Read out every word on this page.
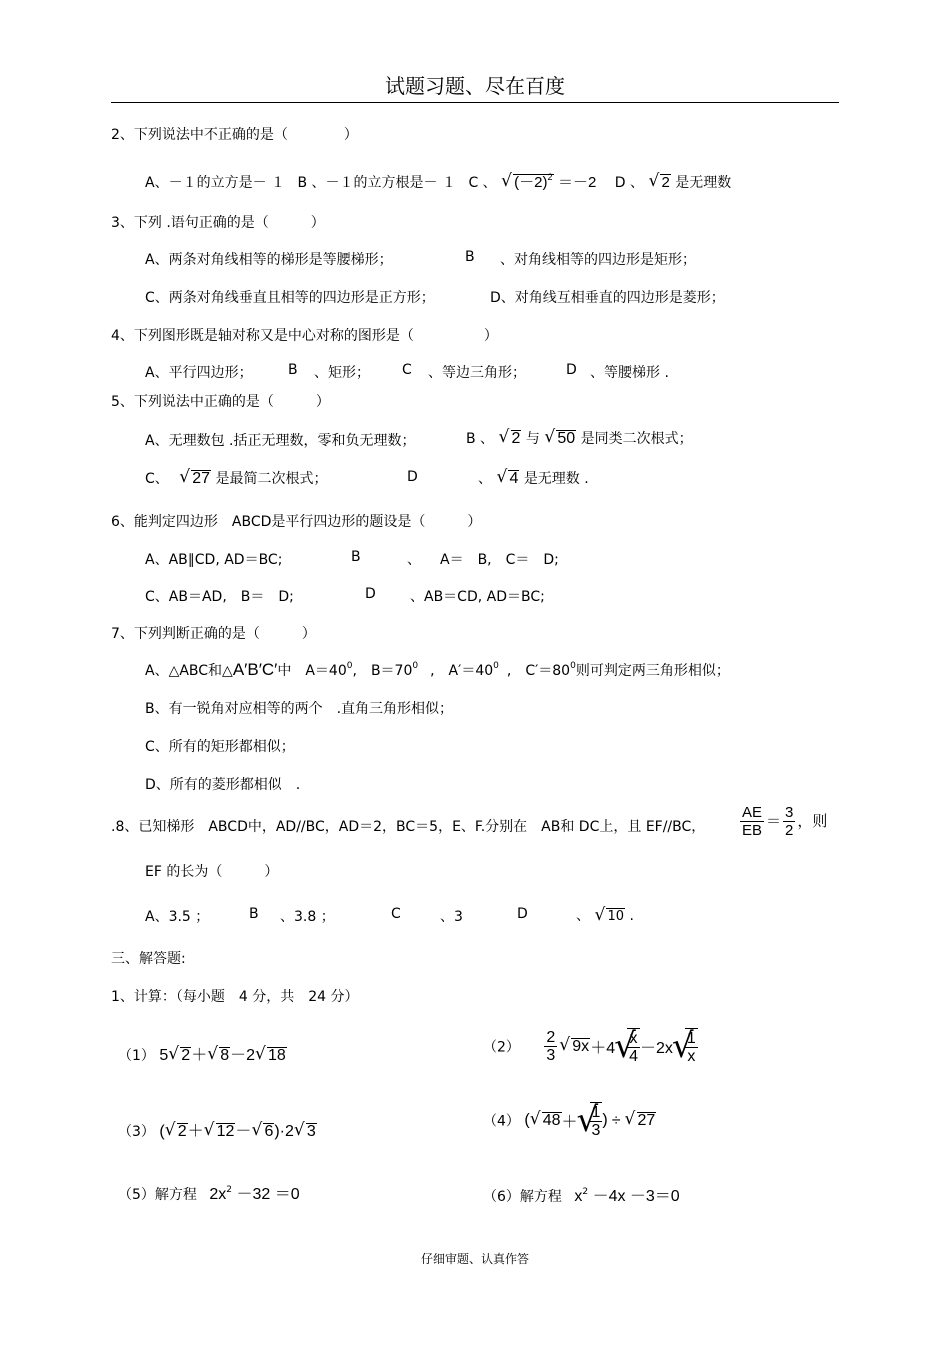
试题习题、尽在百度
2、下列说法中不正确的是（　　　　）
A、－１的立方是－ １ B 、－１的立方根是－ １ C 、 √ $(-2)^2 =-2$ D 、 √ 2 是无理数
3、下列 .语句正确的是（　　　）
A、两条对角线相等的梯形是等腰梯形；	B 、对角线相等的四边形是矩形；
C、两条对角线垂直且相等的四边形是正方形；	D、对角线互相垂直的四边形是菱形；
4、下列图形既是轴对称又是中心对称的图形是（　　　　　）
A、平行四边形；	B 、矩形； C 、等边三角形；	D 、等腰梯形 .
5、下列说法中正确的是（　　　）
A、无理数包 .括正无理数，零和负无理数；	B 、 √ 2 与 √ 50 是同类二次根式；
C、 √ 27 是最简二次根式；	D	、 √ 4 是无理数 .
6、能判定四边形　ABCD是平行四边形的题设是（　　　）
A、AB∥CD, AD＝BC;	B	、 A＝　B,　C＝　D;
C、AB＝AD,　B＝　D;	D 、AB＝CD, AD＝BC;
7、下列判断正确的是（　　　）
A、△ABC和△A′B′C′中　$A=40^0$,　$B=70^0$ ,　$A'=40^0$ ,　$C'=80^0$则可判定两三角形相似；
B、有一锐角对应相等的两个　.直角三角形相似；
C、所有的矩形都相似；
D、所有的菱形都相似　.
.8、已知梯形　ABCD中，AD//BC，AD＝2，BC＝5，E、F.分别在　AB和 DC上，且 EF//BC， $\frac{AE}{EB} = \frac{3}{2}$ ，则
EF 的长为（　　　）
A、3.5 ；	B 、3.8 ；	C	、3	D	、 √ 10 .
三、解答题:
1、计算：（每小题　4 分，共　24 分）
（1） 5 √ 2＋ √ 8－2 √ 18	$(2) \frac{2}{3}$ √ 9x＋4 √ $\frac{x}{4} -2x$ √ $\frac{1}{x}$
（3） ( √ 2＋ √ 12－ √ 6)·2 √ 3
（4） ( √ 48＋ √ $\frac{1}{3}$ ) ÷ √ 27
（5）解方程 $2x^2 -32 =0$	（6）解方程 $x^2 -4x -3=0$
仔细审题、认真作答
